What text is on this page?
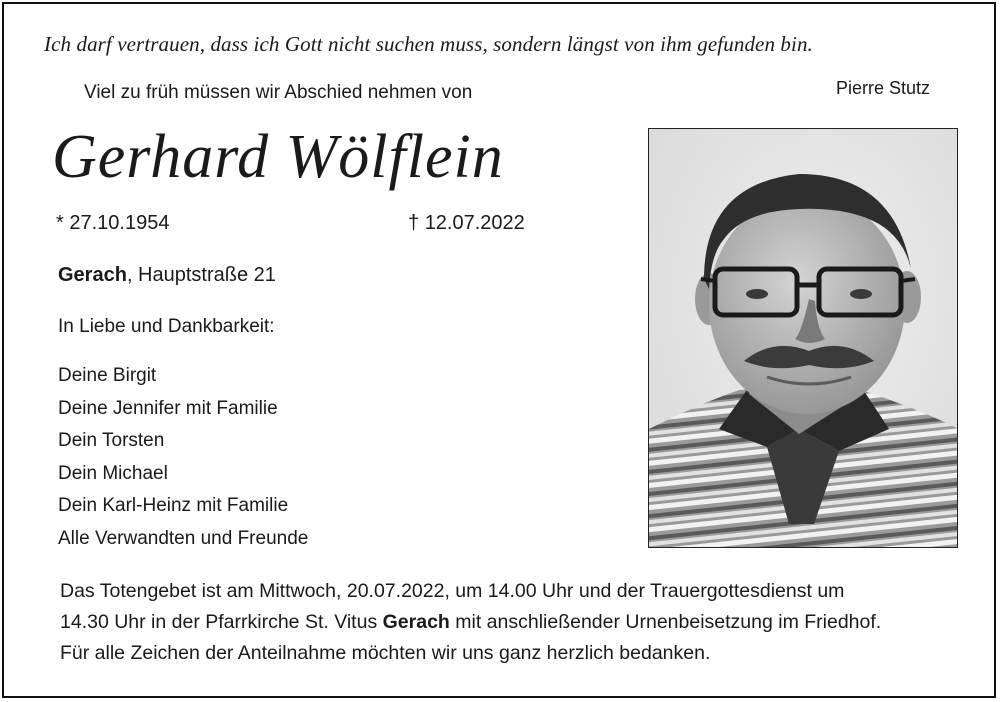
Ich darf vertrauen, dass ich Gott nicht suchen muss, sondern längst von ihm gefunden bin.
Viel zu früh müssen wir Abschied nehmen von	Pierre Stutz
Gerhard Wölflein
* 27.10.1954	† 12.07.2022
Gerach, Hauptstraße 21
In Liebe und Dankbarkeit:
Deine Birgit
Deine Jennifer mit Familie
Dein Torsten
Dein Michael
Dein Karl-Heinz mit Familie
Alle Verwandten und Freunde

Das Totengebet ist am Mittwoch, 20.07.2022, um 14.00 Uhr und der Trauergottesdienst um

14.30 Uhr in der Pfarrkirche St. Vitus Gerach mit anschließender Urnenbeisetzung im Friedhof.

Für alle Zeichen der Anteilnahme möchten wir uns ganz herzlich bedanken.
